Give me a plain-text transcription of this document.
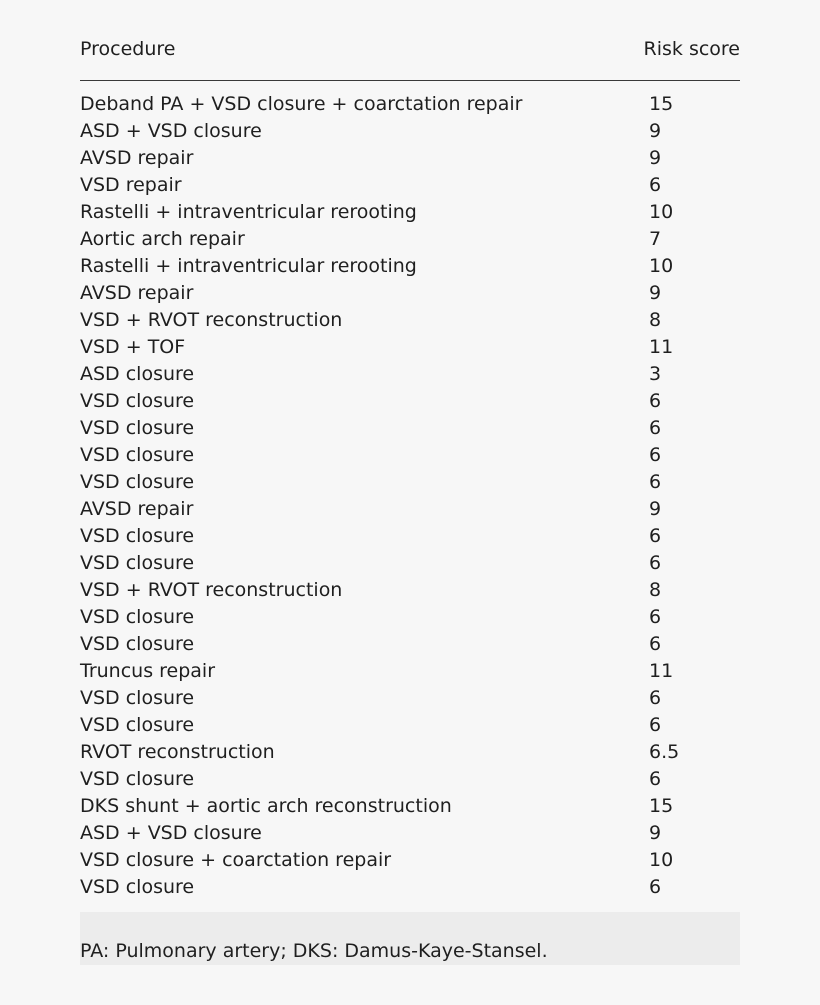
Procedure	Risk score
Deband PA + VSD closure + coarctation repair	15
ASD + VSD closure	9
AVSD repair	9
VSD repair	6
Rastelli + intraventricular rerooting	10
Aortic arch repair	7
Rastelli + intraventricular rerooting	10
AVSD repair	9
VSD + RVOT reconstruction	8
VSD + TOF	11
ASD closure	3
VSD closure	6
VSD closure	6
VSD closure	6
VSD closure	6
AVSD repair	9
VSD closure	6
VSD closure	6
VSD + RVOT reconstruction	8
VSD closure	6
VSD closure	6
Truncus repair	11
VSD closure	6
VSD closure	6
RVOT reconstruction	6.5
VSD closure	6
DKS shunt + aortic arch reconstruction	15
ASD + VSD closure	9
VSD closure + coarctation repair	10
VSD closure	6
PA: Pulmonary artery; DKS: Damus-Kaye-Stansel.
